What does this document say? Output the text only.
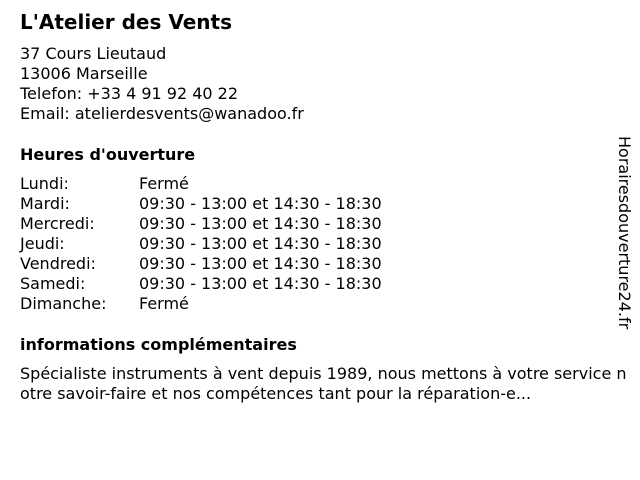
L'Atelier des Vents
37 Cours Lieutaud
13006 Marseille
Telefon: +33 4 91 92 40 22
Email: atelierdesvents@wanadoo.fr
Heures d'ouverture
Lundi:	Fermé
Mardi:	09:30 - 13:00 et 14:30 - 18:30
Mercredi:	09:30 - 13:00 et 14:30 - 18:30
Jeudi:	09:30 - 13:00 et 14:30 - 18:30
Vendredi:	09:30 - 13:00 et 14:30 - 18:30
Samedi:	09:30 - 13:00 et 14:30 - 18:30
Dimanche:	Fermé
informations complémentaires
Spécialiste instruments à vent depuis 1989, nous mettons à votre service notre savoir-faire et nos compétences tant pour la réparation-e...
Horairesdouverture24.fr
